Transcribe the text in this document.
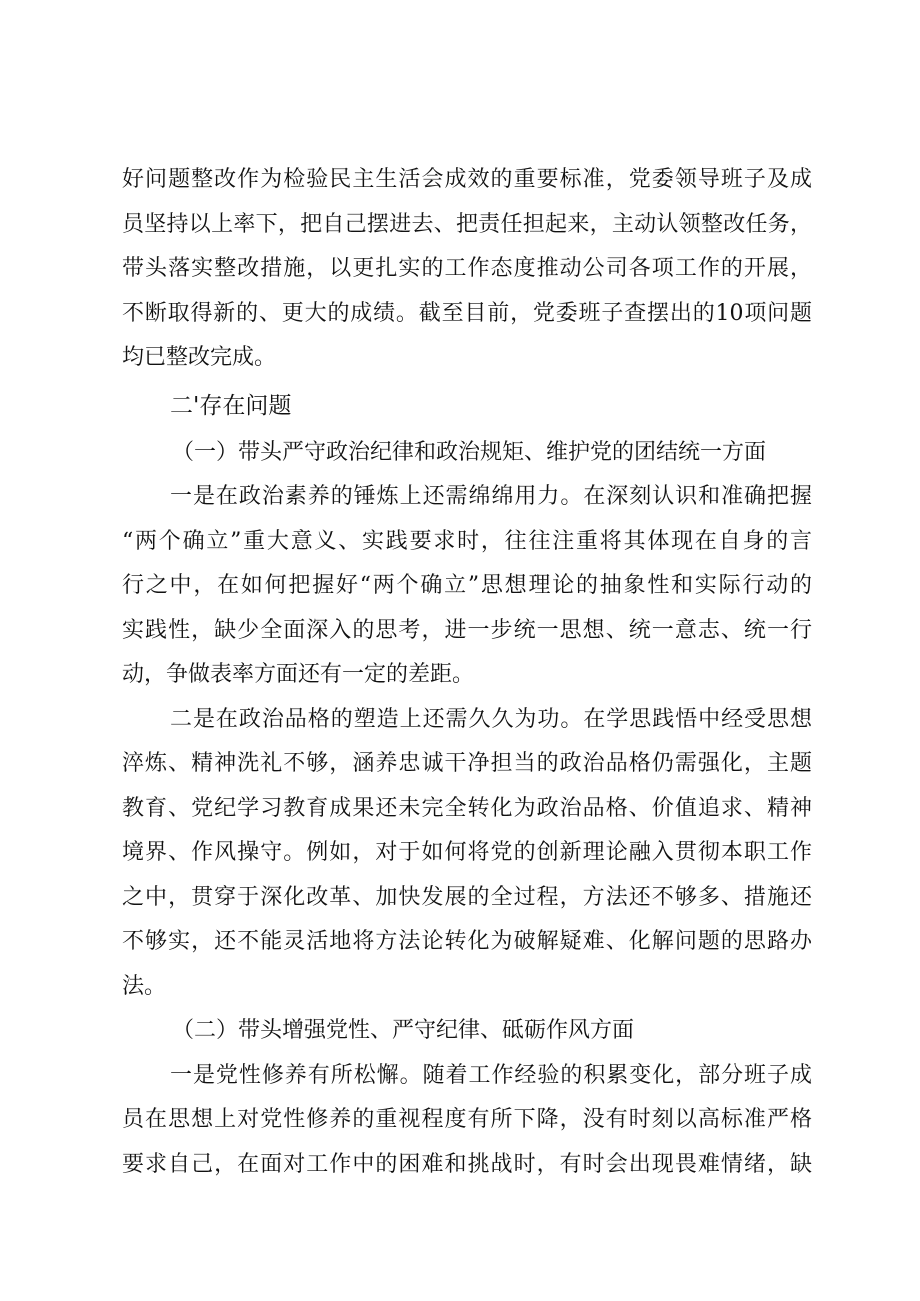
好问题整改作为检验民主生活会成效的重要标准，党委领导班子及成
员坚持以上率下，把自己摆进去、把责任担起来，主动认领整改任务，
带头落实整改措施，以更扎实的工作态度推动公司各项工作的开展，
不断取得新的、更大的成绩。截至目前，党委班子查摆出的10项问题
均已整改完成。
二'存在问题
（一）带头严守政治纪律和政治规矩、维护党的团结统一方面
一是在政治素养的锤炼上还需绵绵用力。在深刻认识和准确把握
“两个确立”重大意义、实践要求时，往往注重将其体现在自身的言
行之中，在如何把握好“两个确立”思想理论的抽象性和实际行动的
实践性，缺少全面深入的思考，进一步统一思想、统一意志、统一行
动，争做表率方面还有一定的差距。
二是在政治品格的塑造上还需久久为功。在学思践悟中经受思想
淬炼、精神洗礼不够，涵养忠诚干净担当的政治品格仍需强化，主题
教育、党纪学习教育成果还未完全转化为政治品格、价值追求、精神
境界、作风操守。例如，对于如何将党的创新理论融入贯彻本职工作
之中，贯穿于深化改革、加快发展的全过程，方法还不够多、措施还
不够实，还不能灵活地将方法论转化为破解疑难、化解问题的思路办
法。
（二）带头增强党性、严守纪律、砥砺作风方面
一是党性修养有所松懈。随着工作经验的积累变化，部分班子成
员在思想上对党性修养的重视程度有所下降，没有时刻以高标准严格
要求自己，在面对工作中的困难和挑战时，有时会出现畏难情绪，缺
